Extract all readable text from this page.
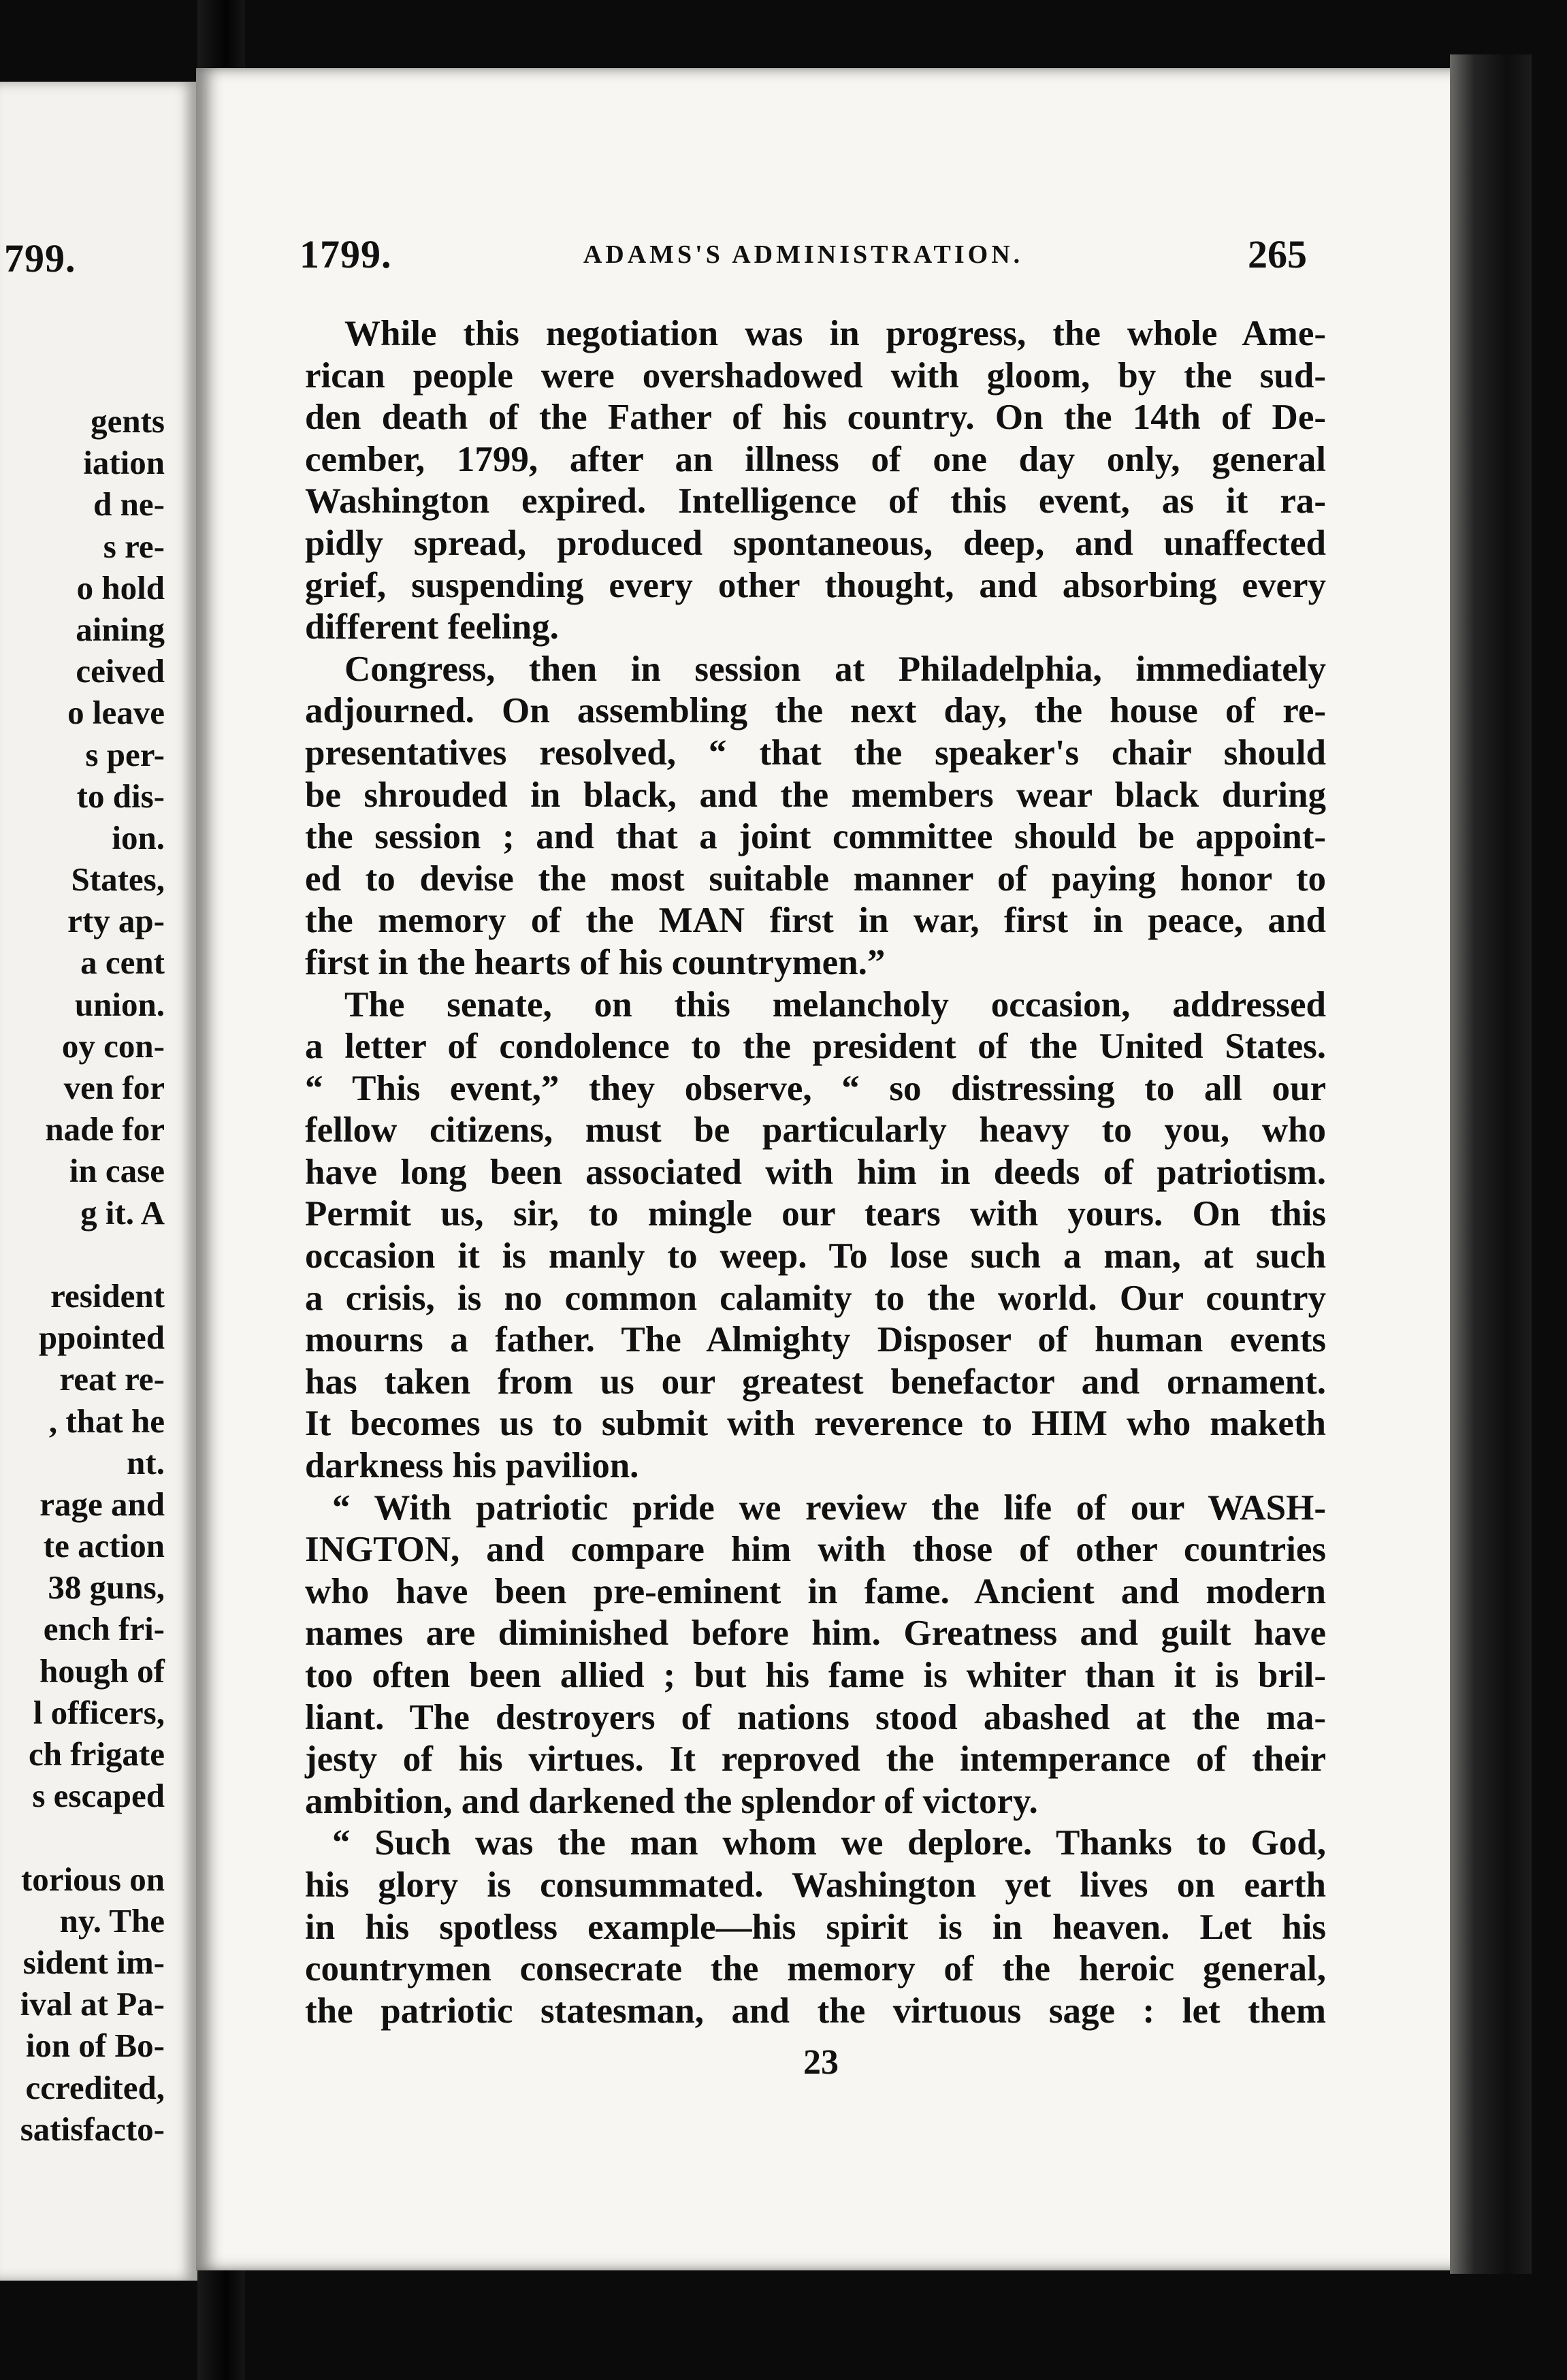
799.
gents
iation
d ne-
s re-
o hold
aining
ceived
o leave
s per-
to dis-
ion.
States,
rty ap-
a cent
union.
oy con-
ven for
nade for
in case
g it. A
resident
ppointed
reat re-
, that he
nt.
rage and
te action
38 guns,
ench fri-
hough of
l officers,
ch frigate
s escaped
torious on
ny. The
sident im-
ival at Pa-
ion of Bo-
ccredited,
satisfacto-
1799.	ADAMS'S ADMINISTRATION.	265
While this negotiation was in progress, the whole Ame-
rican people were overshadowed with gloom, by the sud-
den death of the Father of his country. On the 14th of De-
cember, 1799, after an illness of one day only, general
Washington expired. Intelligence of this event, as it ra-
pidly spread, produced spontaneous, deep, and unaffected
grief, suspending every other thought, and absorbing every
different feeling.
Congress, then in session at Philadelphia, immediately
adjourned. On assembling the next day, the house of re-
presentatives resolved, “ that the speaker's chair should
be shrouded in black, and the members wear black during
the session ; and that a joint committee should be appoint-
ed to devise the most suitable manner of paying honor to
the memory of the MAN first in war, first in peace, and
first in the hearts of his countrymen.”
The senate, on this melancholy occasion, addressed
a letter of condolence to the president of the United States.
“ This event,” they observe, “ so distressing to all our
fellow citizens, must be particularly heavy to you, who
have long been associated with him in deeds of patriotism.
Permit us, sir, to mingle our tears with yours. On this
occasion it is manly to weep. To lose such a man, at such
a crisis, is no common calamity to the world. Our country
mourns a father. The Almighty Disposer of human events
has taken from us our greatest benefactor and ornament.
It becomes us to submit with reverence to HIM who maketh
darkness his pavilion.
“ With patriotic pride we review the life of our WASH-
INGTON, and compare him with those of other countries
who have been pre-eminent in fame. Ancient and modern
names are diminished before him. Greatness and guilt have
too often been allied ; but his fame is whiter than it is bril-
liant. The destroyers of nations stood abashed at the ma-
jesty of his virtues. It reproved the intemperance of their
ambition, and darkened the splendor of victory.
“ Such was the man whom we deplore. Thanks to God,
his glory is consummated. Washington yet lives on earth
in his spotless example—his spirit is in heaven. Let his
countrymen consecrate the memory of the heroic general,
the patriotic statesman, and the virtuous sage : let them
23
